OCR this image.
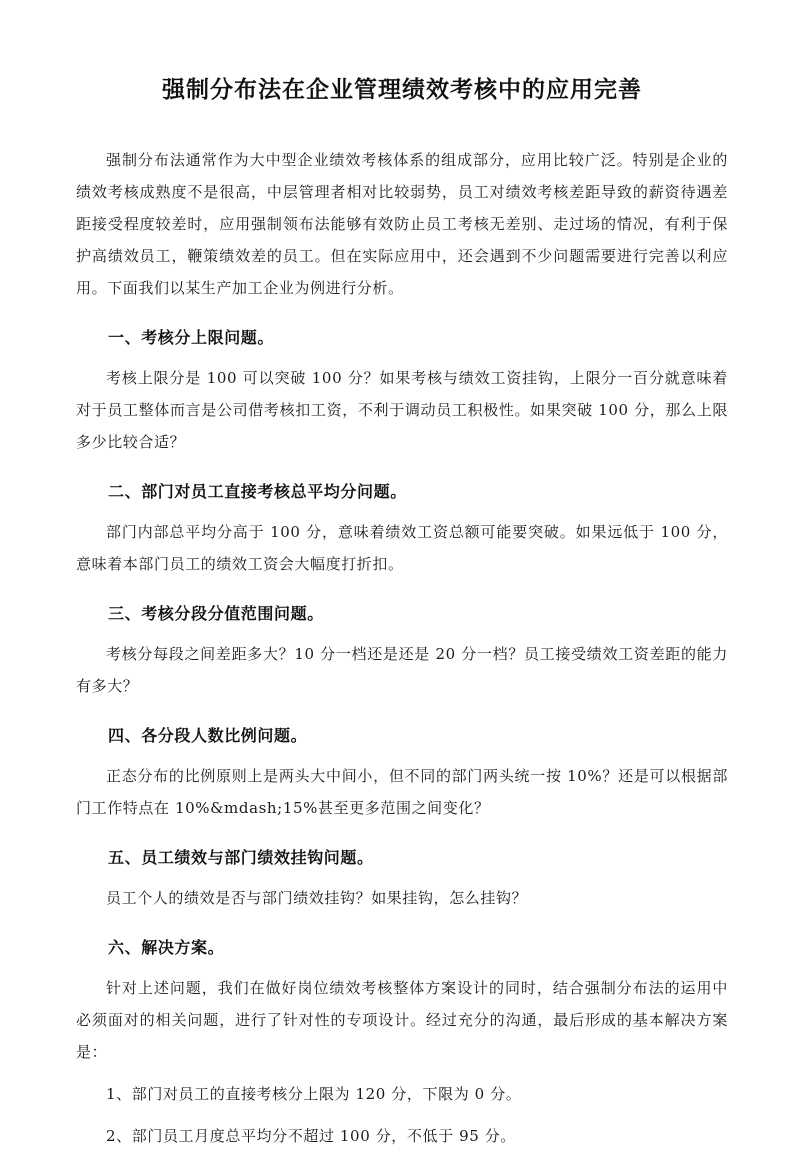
强制分布法在企业管理绩效考核中的应用完善

强制分布法通常作为大中型企业绩效考核体系的组成部分，应用比较广泛。特别是企业的绩效考核成熟度不是很高，中层管理者相对比较弱势，员工对绩效考核差距导致的薪资待遇差距接受程度较差时，应用强制领布法能够有效防止员工考核无差别、走过场的情况，有利于保护高绩效员工，鞭策绩效差的员工。但在实际应用中，还会遇到不少问题需要进行完善以利应用。下面我们以某生产加工企业为例进行分析。

一、考核分上限问题。

考核上限分是 100 可以突破 100 分？如果考核与绩效工资挂钩，上限分一百分就意味着对于员工整体而言是公司借考核扣工资，不利于调动员工积极性。如果突破 100 分，那么上限多少比较合适？

二、部门对员工直接考核总平均分问题。

部门内部总平均分高于 100 分，意味着绩效工资总额可能要突破。如果远低于 100 分，意味着本部门员工的绩效工资会大幅度打折扣。

三、考核分段分值范围问题。

考核分每段之间差距多大？10 分一档还是还是 20 分一档？员工接受绩效工资差距的能力有多大？

四、各分段人数比例问题。

正态分布的比例原则上是两头大中间小，但不同的部门两头统一按 10%？还是可以根据部门工作特点在 10%&mdash;15%甚至更多范围之间变化？

五、员工绩效与部门绩效挂钩问题。

员工个人的绩效是否与部门绩效挂钩？如果挂钩，怎么挂钩？

六、解决方案。

针对上述问题，我们在做好岗位绩效考核整体方案设计的同时，结合强制分布法的运用中必须面对的相关问题，进行了针对性的专项设计。经过充分的沟通，最后形成的基本解决方案是：

1、部门对员工的直接考核分上限为 120 分，下限为 0 分。

2、部门员工月度总平均分不超过 100 分，不低于 95 分。
